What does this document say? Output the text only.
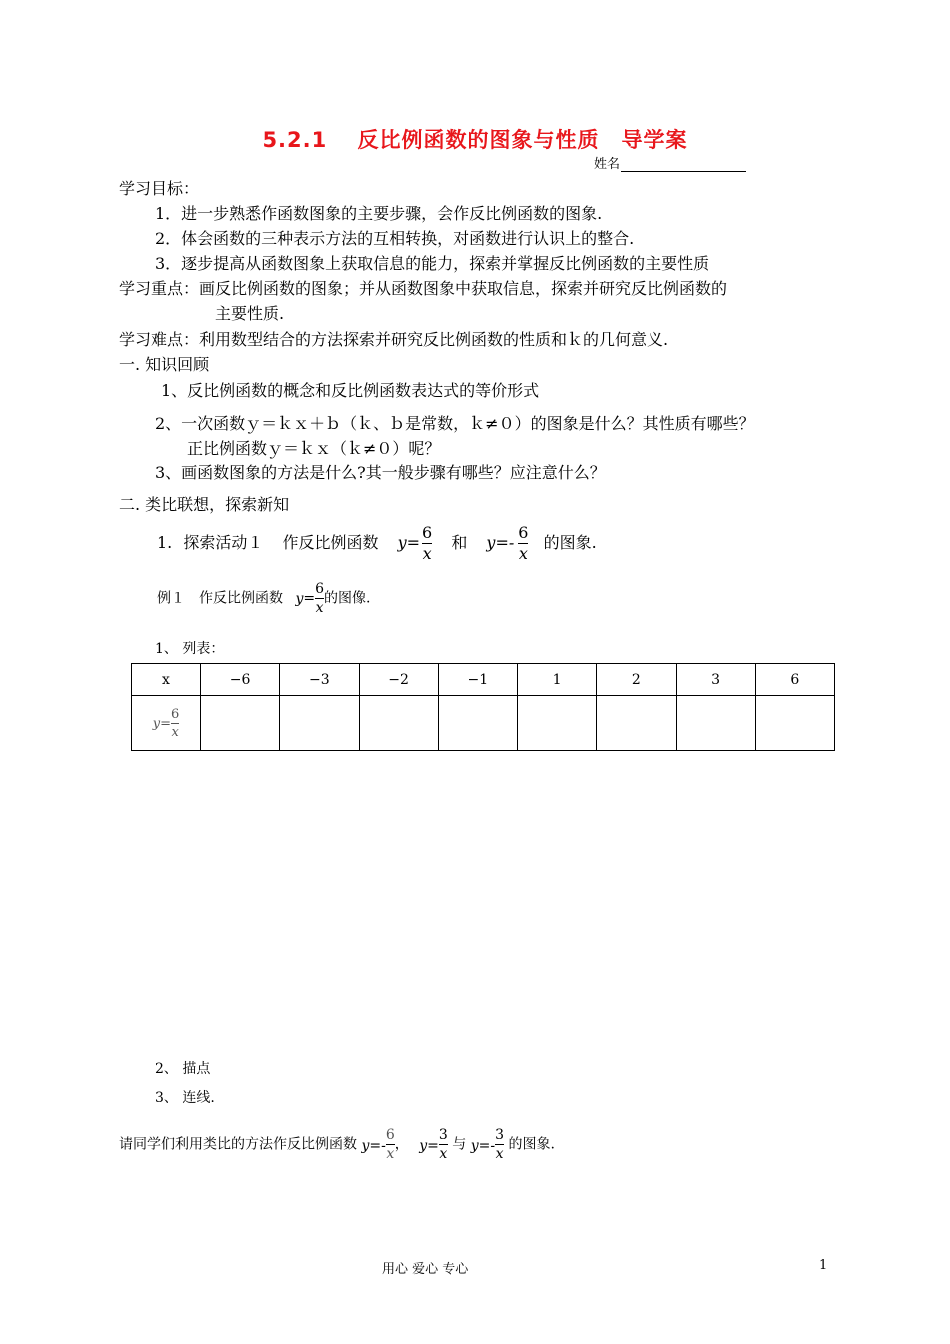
5.2.1　 反比例函数的图象与性质　导学案
姓名
学习目标：
1．进一步熟悉作函数图象的主要步骤，会作反比例函数的图象.
2．体会函数的三种表示方法的互相转换，对函数进行认识上的整合.
3．逐步提高从函数图象上获取信息的能力，探索并掌握反比例函数的主要性质
学习重点：画反比例函数的图象；并从函数图象中获取信息，探索并研究反比例函数的
主要性质.
学习难点：利用数型结合的方法探索并研究反比例函数的性质和ｋ的几何意义.
一. 知识回顾
1、反比例函数的概念和反比例函数表达式的等价形式
2、一次函数ｙ＝ｋｘ＋ｂ（ｋ、ｂ是常数，ｋ≠０）的图象是什么？其性质有哪些？
正比例函数ｙ＝ｋｘ（ｋ≠０）呢？
3、画函数图象的方法是什么?其一般步骤有哪些？应注意什么？
二. 类比联想，探索新知
1. 探索活动１ 作反比例函数 $y= \frac{6}{x}$ 和 $y=- \frac{6}{x}$ 的图象.
例１　作反比例函数 $y= \frac{6}{x}$ 的图像.
1、 列表：
x	−6	−3	−2	−1	1	2	3	6
$y= \frac{6}{x}$

2、 描点
3、 连线.
请同学们利用类比的方法作反比例函数 $y=- \frac{6}{x}$ ， $y= \frac{3}{x}$ 与 $y=- \frac{3}{x}$ 的图象.
用心 爱心 专心	1
